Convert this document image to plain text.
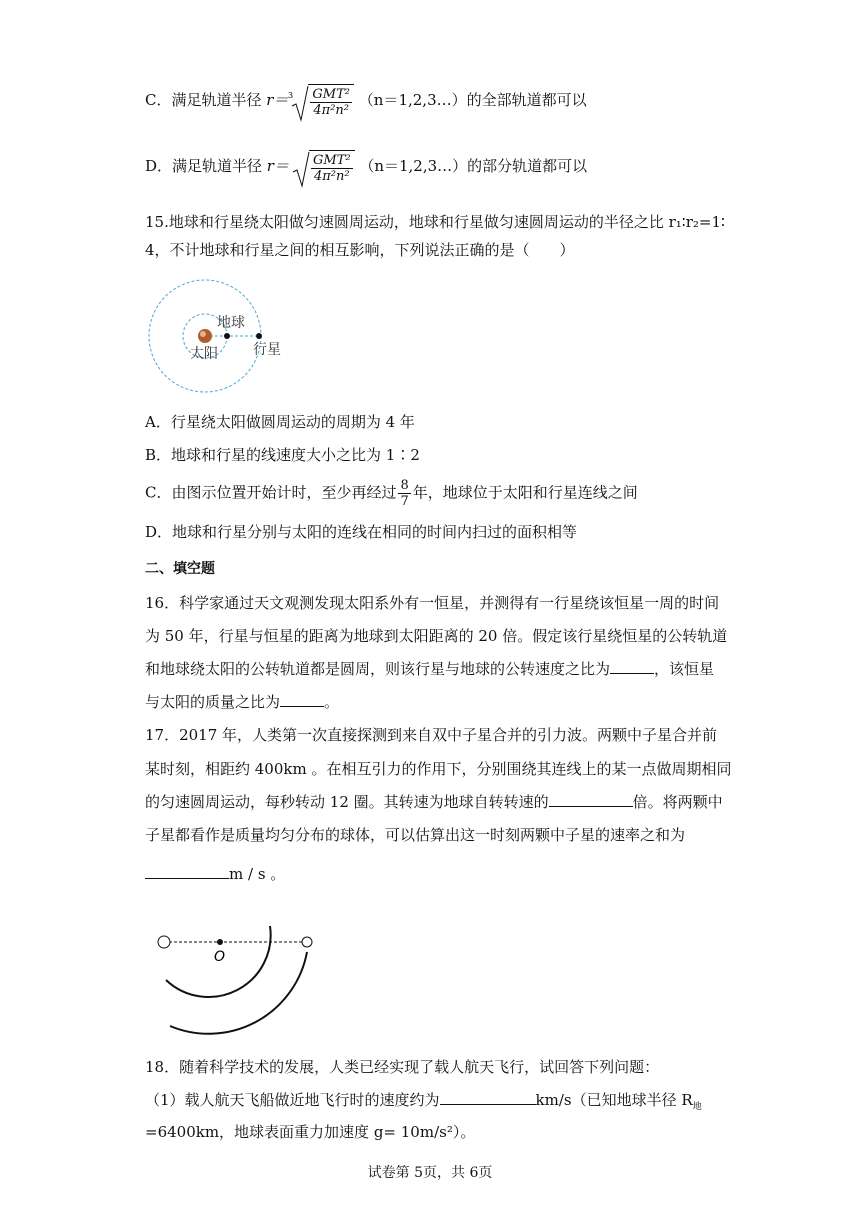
C．满足轨道半径 $r= 3 \frac{\text{GMT²}}{\text{4π²n²}}$ （n＝1,2,3…）的全部轨道都可以
D．满足轨道半径 $r= \frac{\text{GMT²}}{\text{4π²n²}}$ （n＝1,2,3…）的部分轨道都可以
15.地球和行星绕太阳做匀速圆周运动，地球和行星做匀速圆周运动的半径之比 r₁∶r₂=1∶
4，不计地球和行星之间的相互影响，下列说法正确的是（　　）
地球
太阳	行星
A．行星绕太阳做圆周运动的周期为 4 年
B．地球和行星的线速度大小之比为 1∶2
C．由图示位置开始计时，至少再经过 $\frac{8}{7}$ 年，地球位于太阳和行星连线之间
D．地球和行星分别与太阳的连线在相同的时间内扫过的面积相等
二、填空题
16．科学家通过天文观测发现太阳系外有一恒星，并测得有一行星绕该恒星一周的时间
为 50 年，行星与恒星的距离为地球到太阳距离的 20 倍。假定该行星绕恒星的公转轨道
和地球绕太阳的公转轨道都是圆周，则该行星与地球的公转速度之比为	，该恒星
与太阳的质量之比为	。
17．2017 年，人类第一次直接探测到来自双中子星合并的引力波。两颗中子星合并前
某时刻，相距约 400km 。在相互引力的作用下，分别围绕其连线上的某一点做周期相同
的匀速圆周运动，每秒转动 12 圈。其转速为地球自转转速的	倍。将两颗中
子星都看作是质量均匀分布的球体，可以估算出这一时刻两颗中子星的速率之和为
m / s 。
O
18．随着科学技术的发展，人类已经实现了载人航天飞行，试回答下列问题：
（1）载人航天飞船做近地飞行时的速度约为	km/s（已知地球半径 $R_地$
=6400km，地球表面重力加速度 g= 10m/s²）。
试卷第 5页，共 6页
